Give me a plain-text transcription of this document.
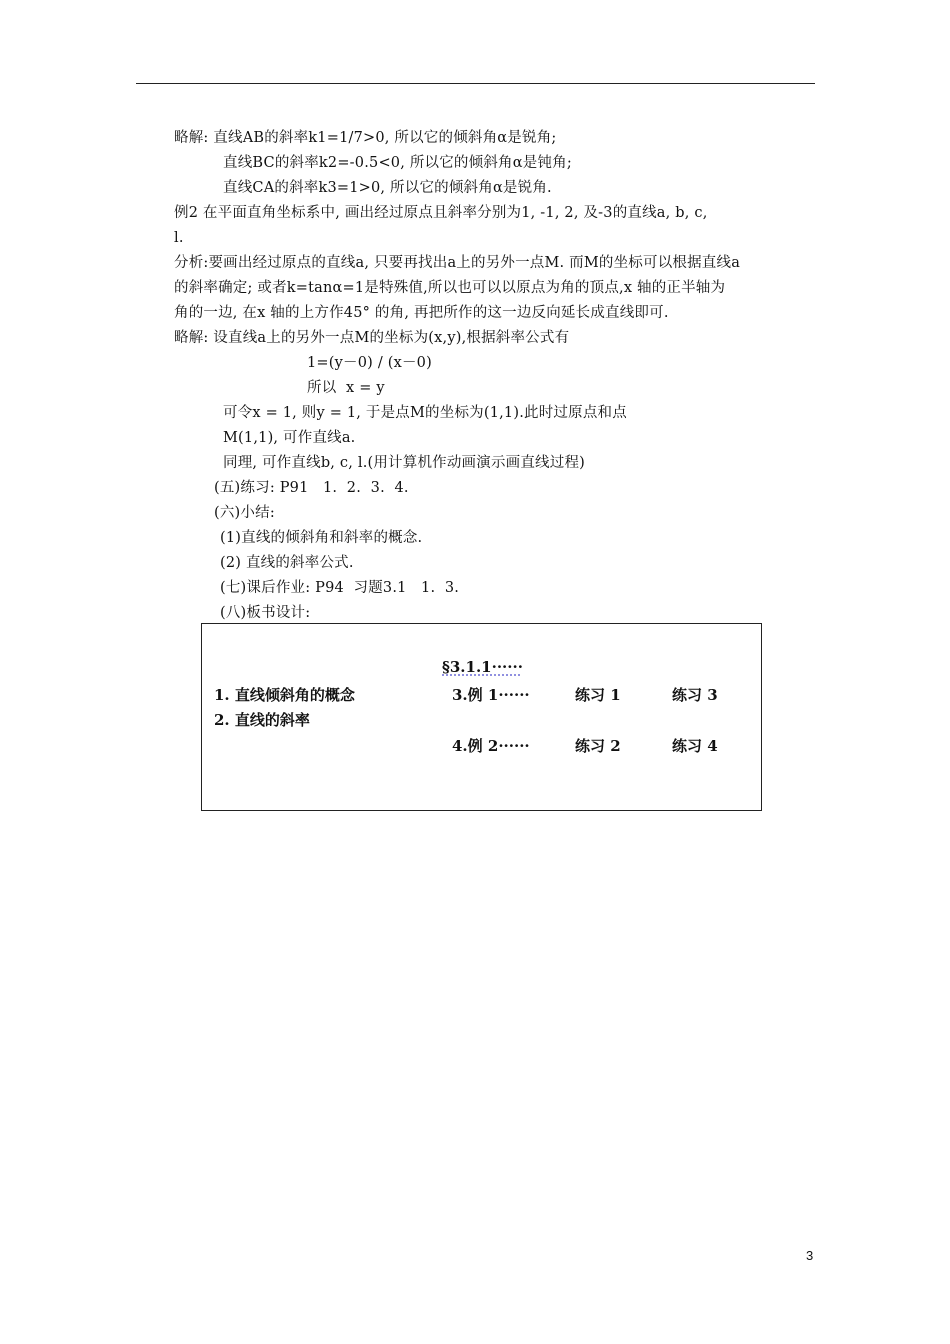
略解: 直线AB的斜率k1=1/7>0, 所以它的倾斜角α是锐角;
直线BC的斜率k2=-0.5<0, 所以它的倾斜角α是钝角;
直线CA的斜率k3=1>0, 所以它的倾斜角α是锐角.
例2 在平面直角坐标系中, 画出经过原点且斜率分别为1, -1, 2, 及-3的直线a, b, c,
l.
分析:要画出经过原点的直线a, 只要再找出a上的另外一点M. 而M的坐标可以根据直线a
的斜率确定; 或者k=tanα=1是特殊值,所以也可以以原点为角的顶点,x 轴的正半轴为
角的一边, 在x 轴的上方作45° 的角, 再把所作的这一边反向延长成直线即可.
略解: 设直线a上的另外一点M的坐标为(x,y),根据斜率公式有
1=(y－0) / (x－0)
所以  x = y
可令x = 1, 则y = 1, 于是点M的坐标为(1,1).此时过原点和点
M(1,1), 可作直线a.
同理, 可作直线b, c, l.(用计算机作动画演示画直线过程)
(五)练习: P91   1.  2.  3.  4.
(六)小结:
(1)直线的倾斜角和斜率的概念.
(2) 直线的斜率公式.
(七)课后作业: P94  习题3.1   1.  3.
(八)板书设计:
§3.1.1······
1. 直线倾斜角的概念
2. 直线的斜率
3.例 1······
4.例 2······
练习 1
练习 2
练习 3
练习 4
3
